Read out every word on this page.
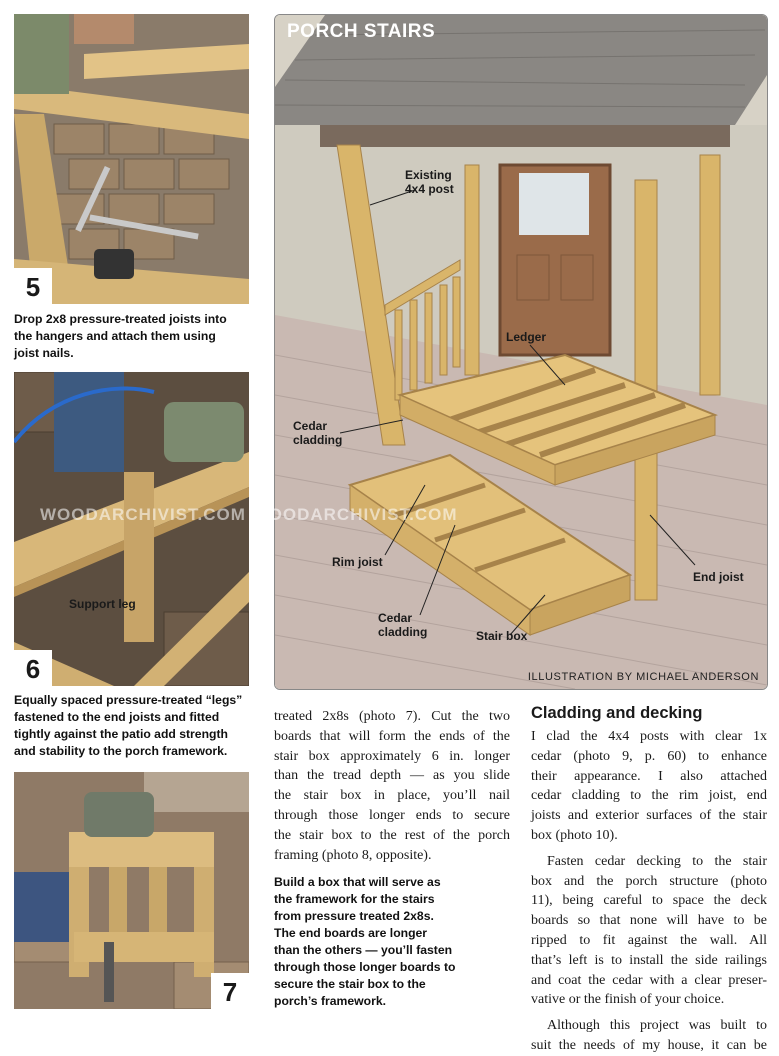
5
Drop 2x8 pressure-treated joists into
the hangers and attach them using
joist nails.
Support leg
6
Equally spaced pressure-treated “legs”
fastened to the end joists and fitted
tightly against the patio add strength
and stability to the porch framework.
7
PORCH STAIRS
Existing
4x4 post
Ledger
Cedar
cladding
Rim joist
Cedar
cladding	Stair box
End joist
ILLUSTRATION BY MICHAEL ANDERSON
WOODARCHIVIST.COM WOODARCHIVIST.COM
treated 2x8s (photo 7). Cut the two
boards that will form the ends of the
stair box approximately 6 in. longer
than the tread depth — as you slide
the stair box in place, you’ll nail
through those longer ends to secure
the stair box to the rest of the porch
framing (photo 8, opposite).
Build a box that will serve as
the framework for the stairs
from pressure treated 2x8s.
The end boards are longer
than the others — you’ll fasten
through those longer boards to
secure the stair box to the
porch’s framework.
Cladding and decking
I clad the 4x4 posts with clear 1x
cedar (photo 9, p. 60) to enhance
their appearance. I also attached
cedar cladding to the rim joist, end
joists and exterior surfaces of the stair
box (photo 10).
Fasten cedar decking to the stair
box and the porch structure (photo
11), being careful to space the deck
boards so that none will have to be
ripped to fit against the wall. All
that’s left is to install the side railings
and coat the cedar with a clear preser-
vative or the finish of your choice.
Although this project was built to
suit the needs of my house, it can be
